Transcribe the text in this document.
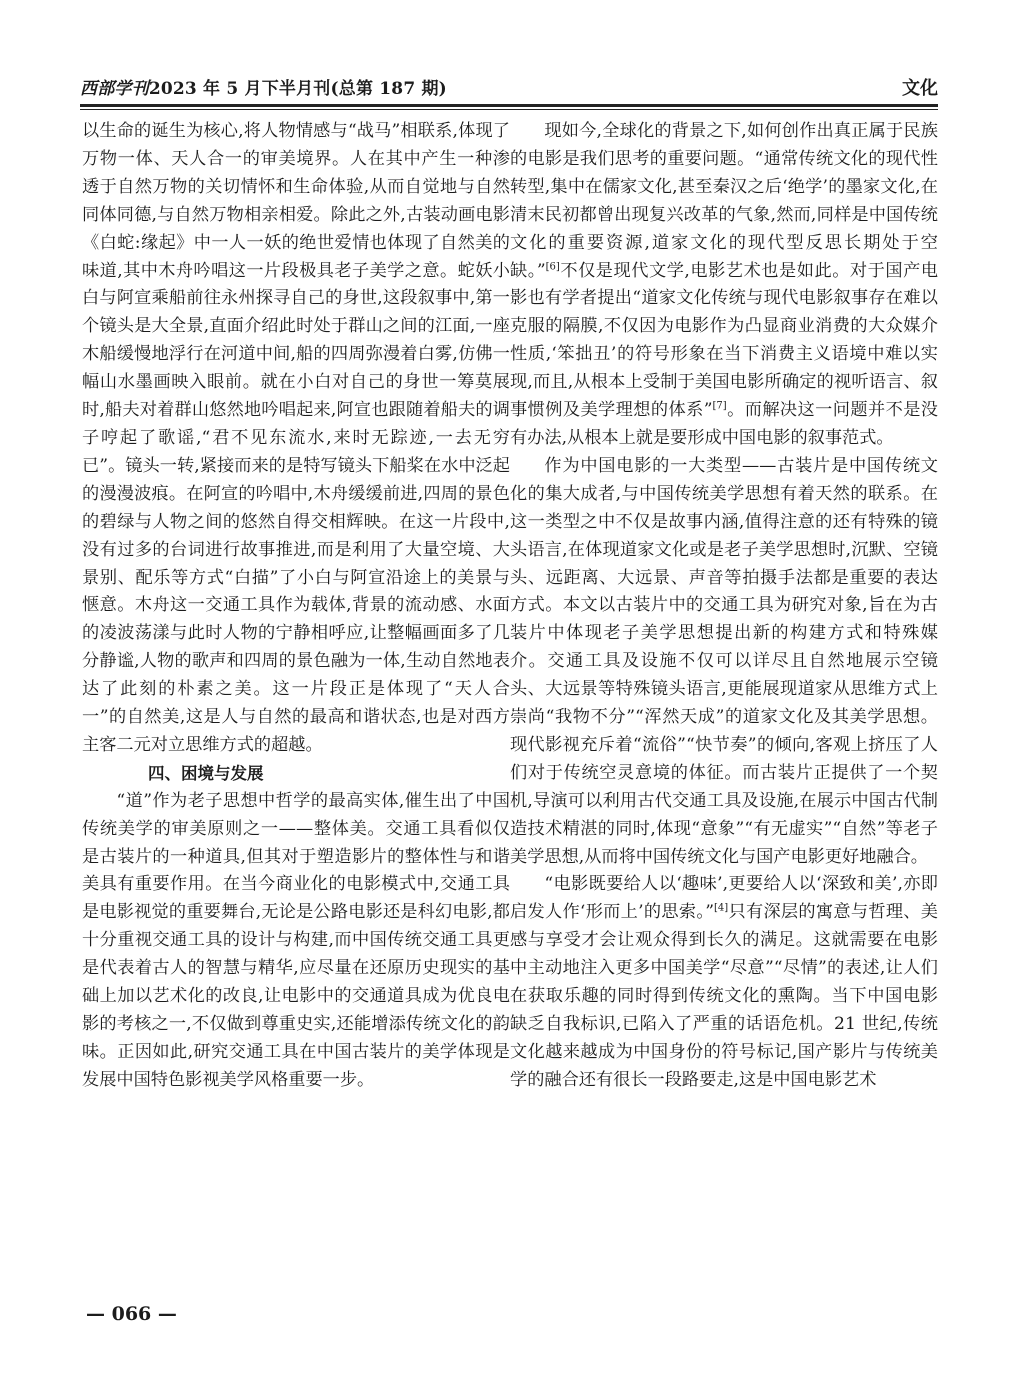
西部学刊2023 年 5 月下半月刊(总第 187 期)	文化

以生命的诞生为核心,将人物情感与“战马”相联系,体现了万物一体、天人合一的审美境界。人在其中产生一种渗透于自然万物的关切情怀和生命体验,从而自觉地与自然同体同德,与自然万物相亲相爱。除此之外,古装动画电影《白蛇:缘起》中一人一妖的绝世爱情也体现了自然美的味道,其中木舟吟唱这一片段极具老子美学之意。蛇妖小白与阿宣乘船前往永州探寻自己的身世,这段叙事中,第一个镜头是大全景,直面介绍此时处于群山之间的江面,一座木船缓慢地浮行在河道中间,船的四周弥漫着白雾,仿佛一幅山水墨画映入眼前。就在小白对自己的身世一筹莫展时,船夫对着群山悠然地吟唱起来,阿宣也跟随着船夫的调子哼起了歌谣,“君不见东流水,来时无踪迹,一去无穷已”。镜头一转,紧接而来的是特写镜头下船桨在水中泛起的漫漫波痕。在阿宣的吟唱中,木舟缓缓前进,四周的景色的碧绿与人物之间的悠然自得交相辉映。在这一片段中,没有过多的台词进行故事推进,而是利用了大量空境、大景别、配乐等方式“白描”了小白与阿宣沿途上的美景与惬意。木舟这一交通工具作为载体,背景的流动感、水面的凌波荡漾与此时人物的宁静相呼应,让整幅画面多了几分静谧,人物的歌声和四周的景色融为一体,生动自然地表达了此刻的朴素之美。这一片段正是体现了“天人合一”的自然美,这是人与自然的最高和谐状态,也是对西方主客二元对立思维方式的超越。

四、困境与发展

“道”作为老子思想中哲学的最高实体,催生出了中国传统美学的审美原则之一——整体美。交通工具看似仅是古装片的一种道具,但其对于塑造影片的整体性与和谐美具有重要作用。在当今商业化的电影模式中,交通工具是电影视觉的重要舞台,无论是公路电影还是科幻电影,都十分重视交通工具的设计与构建,而中国传统交通工具更是代表着古人的智慧与精华,应尽量在还原历史现实的基础上加以艺术化的改良,让电影中的交通道具成为优良电影的考核之一,不仅做到尊重史实,还能增添传统文化的韵味。正因如此,研究交通工具在中国古装片的美学体现是发展中国特色影视美学风格重要一步。

现如今,全球化的背景之下,如何创作出真正属于民族的电影是我们思考的重要问题。“通常传统文化的现代性转型,集中在儒家文化,甚至秦汉之后‘绝学’的墨家文化,在清末民初都曾出现复兴改革的气象,然而,同样是中国传统文化的重要资源,道家文化的现代型反思长期处于空缺。”[6]不仅是现代文学,电影艺术也是如此。对于国产电影也有学者提出“道家文化传统与现代电影叙事存在难以克服的隔膜,不仅因为电影作为凸显商业消费的大众媒介性质,‘笨拙丑’的符号形象在当下消费主义语境中难以实现,而且,从根本上受制于美国电影所确定的视听语言、叙事惯例及美学理想的体系”[7]。而解决这一问题并不是没有办法,从根本上就是要形成中国电影的叙事范式。

作为中国电影的一大类型——古装片是中国传统文化的集大成者,与中国传统美学思想有着天然的联系。在这一类型之中不仅是故事内涵,值得注意的还有特殊的镜头语言,在体现道家文化或是老子美学思想时,沉默、空镜头、远距离、大远景、声音等拍摄手法都是重要的表达方式。本文以古装片中的交通工具为研究对象,旨在为古装片中体现老子美学思想提出新的构建方式和特殊媒介。交通工具及设施不仅可以详尽且自然地展示空镜头、大远景等特殊镜头语言,更能展现道家从思维方式上崇尚“我物不分”“浑然天成”的道家文化及其美学思想。现代影视充斥着“流俗”“快节奏”的倾向,客观上挤压了人们对于传统空灵意境的体征。而古装片正提供了一个契机,导演可以利用古代交通工具及设施,在展示中国古代制造技术精湛的同时,体现“意象”“有无虚实”“自然”等老子美学思想,从而将中国传统文化与国产电影更好地融合。

“电影既要给人以‘趣味’,更要给人以‘深致和美’,亦即启发人作‘形而上’的思索。”[4]只有深层的寓意与哲理、美感与享受才会让观众得到长久的满足。这就需要在电影中主动地注入更多中国美学“尽意”“尽情”的表述,让人们在获取乐趣的同时得到传统文化的熏陶。当下中国电影缺乏自我标识,已陷入了严重的话语危机。21 世纪,传统文化越来越成为中国身份的符号标记,国产影片与传统美学的融合还有很长一段路要走,这是中国电影艺术

— 066 —
